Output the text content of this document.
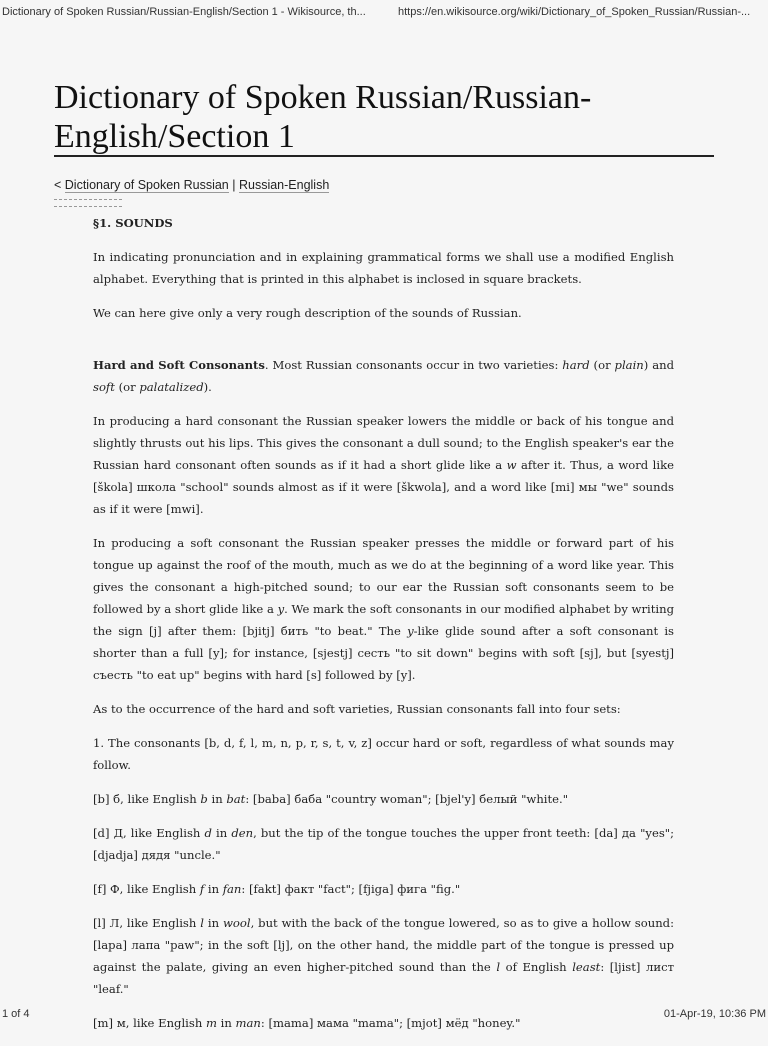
Dictionary of Spoken Russian/Russian-English/Section 1 - Wikisource, th...	https://en.wikisource.org/wiki/Dictionary_of_Spoken_Russian/Russian-...
Dictionary of Spoken Russian/Russian-English/Section 1
< Dictionary of Spoken Russian | Russian-English
§1. SOUNDS

In indicating pronunciation and in explaining grammatical forms we shall use a modified English alphabet. Everything that is printed in this alphabet is inclosed in square brackets.

We can here give only a very rough description of the sounds of Russian.

Hard and Soft Consonants. Most Russian consonants occur in two varieties: hard (or plain) and soft (or palatalized).

In producing a hard consonant the Russian speaker lowers the middle or back of his tongue and slightly thrusts out his lips. This gives the consonant a dull sound; to the English speaker's ear the Russian hard consonant often sounds as if it had a short glide like a w after it. Thus, a word like [škola] школа "school" sounds almost as if it were [škwola], and a word like [mi] мы "we" sounds as if it were [mwi].

In producing a soft consonant the Russian speaker presses the middle or forward part of his tongue up against the roof of the mouth, much as we do at the beginning of a word like year. This gives the consonant a high-pitched sound; to our ear the Russian soft consonants seem to be followed by a short glide like a y. We mark the soft consonants in our modified alphabet by writing the sign [j] after them: [bjitj] бить "to beat." The y-like glide sound after a soft consonant is shorter than a full [y]; for instance, [sjestj] сесть "to sit down" begins with soft [sj], but [syestj] съесть "to eat up" begins with hard [s] followed by [y].

As to the occurrence of the hard and soft varieties, Russian consonants fall into four sets:

1. The consonants [b, d, f, l, m, n, p, r, s, t, v, z] occur hard or soft, regardless of what sounds may follow.

[b] б, like English b in bat: [baba] баба "country woman"; [bjel'y] белый "white."

[d] Д, like English d in den, but the tip of the tongue touches the upper front teeth: [da] да "yes"; [djadja] дядя "uncle."

[f] Ф, like English f in fan: [fakt] факт "fact"; [fjiga] фига "fig."

[l] Л, like English l in wool, but with the back of the tongue lowered, so as to give a hollow sound: [lapa] лапа "paw"; in the soft [lj], on the other hand, the middle part of the tongue is pressed up against the palate, giving an even higher-pitched sound than the l of English least: [ljist] лист "leaf."

[m] м, like English m in man: [mama] мама "mama"; [mjot] мёд "honey."

1 of 4	01-Apr-19, 10:36 PM
